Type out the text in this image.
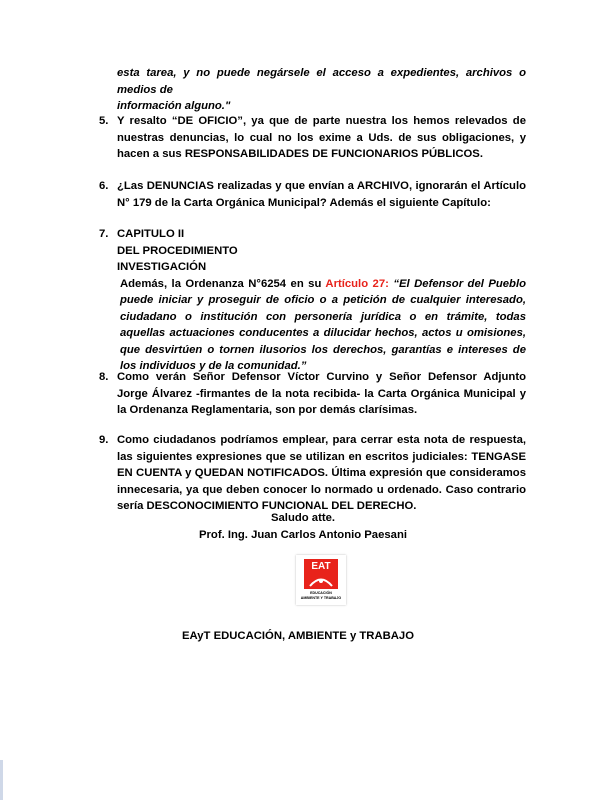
esta tarea, y no puede negársele el acceso a expedientes, archivos o medios de
información alguno."

5. Y resalto “DE OFICIO”, ya que de parte nuestra los hemos relevados de nuestras denuncias, lo cual no los exime a Uds. de sus obligaciones, y hacen a sus RESPONSABILIDADES DE FUNCIONARIOS PÚBLICOS.

6. ¿Las DENUNCIAS realizadas y que envían a ARCHIVO, ignorarán el Artículo N° 179 de la Carta Orgánica Municipal? Además el siguiente Capítulo:

7. CAPITULO II
DEL PROCEDIMIENTO
INVESTIGACIÓN
Además, la Ordenanza N°6254 en su Artículo 27: “El Defensor del Pueblo puede iniciar y proseguir de oficio o a petición de cualquier interesado, ciudadano o institución con personería jurídica o en trámite, todas aquellas actuaciones conducentes a dilucidar hechos, actos u omisiones, que desvirtúen o tornen ilusorios los derechos, garantías e intereses de los individuos y de la comunidad.”
8. Como verán Señor Defensor Víctor Curvino y Señor Defensor Adjunto Jorge Álvarez -firmantes de la nota recibida- la Carta Orgánica Municipal y la Ordenanza Reglamentaria, son por demás clarísimas.

9. Como ciudadanos podríamos emplear, para cerrar esta nota de respuesta, las siguientes expresiones que se utilizan en escritos judiciales: TENGASE EN CUENTA y QUEDAN NOTIFICADOS. Última expresión que consideramos innecesaria, ya que deben conocer lo normado u ordenado. Caso contrario sería DESCONOCIMIENTO FUNCIONAL DEL DERECHO.

Saludo atte.
Prof. Ing. Juan Carlos Antonio Paesani
EAT
EDUCACIÓN
AMBIENTE Y TRABAJO
EAyT EDUCACIÓN, AMBIENTE y TRABAJO
